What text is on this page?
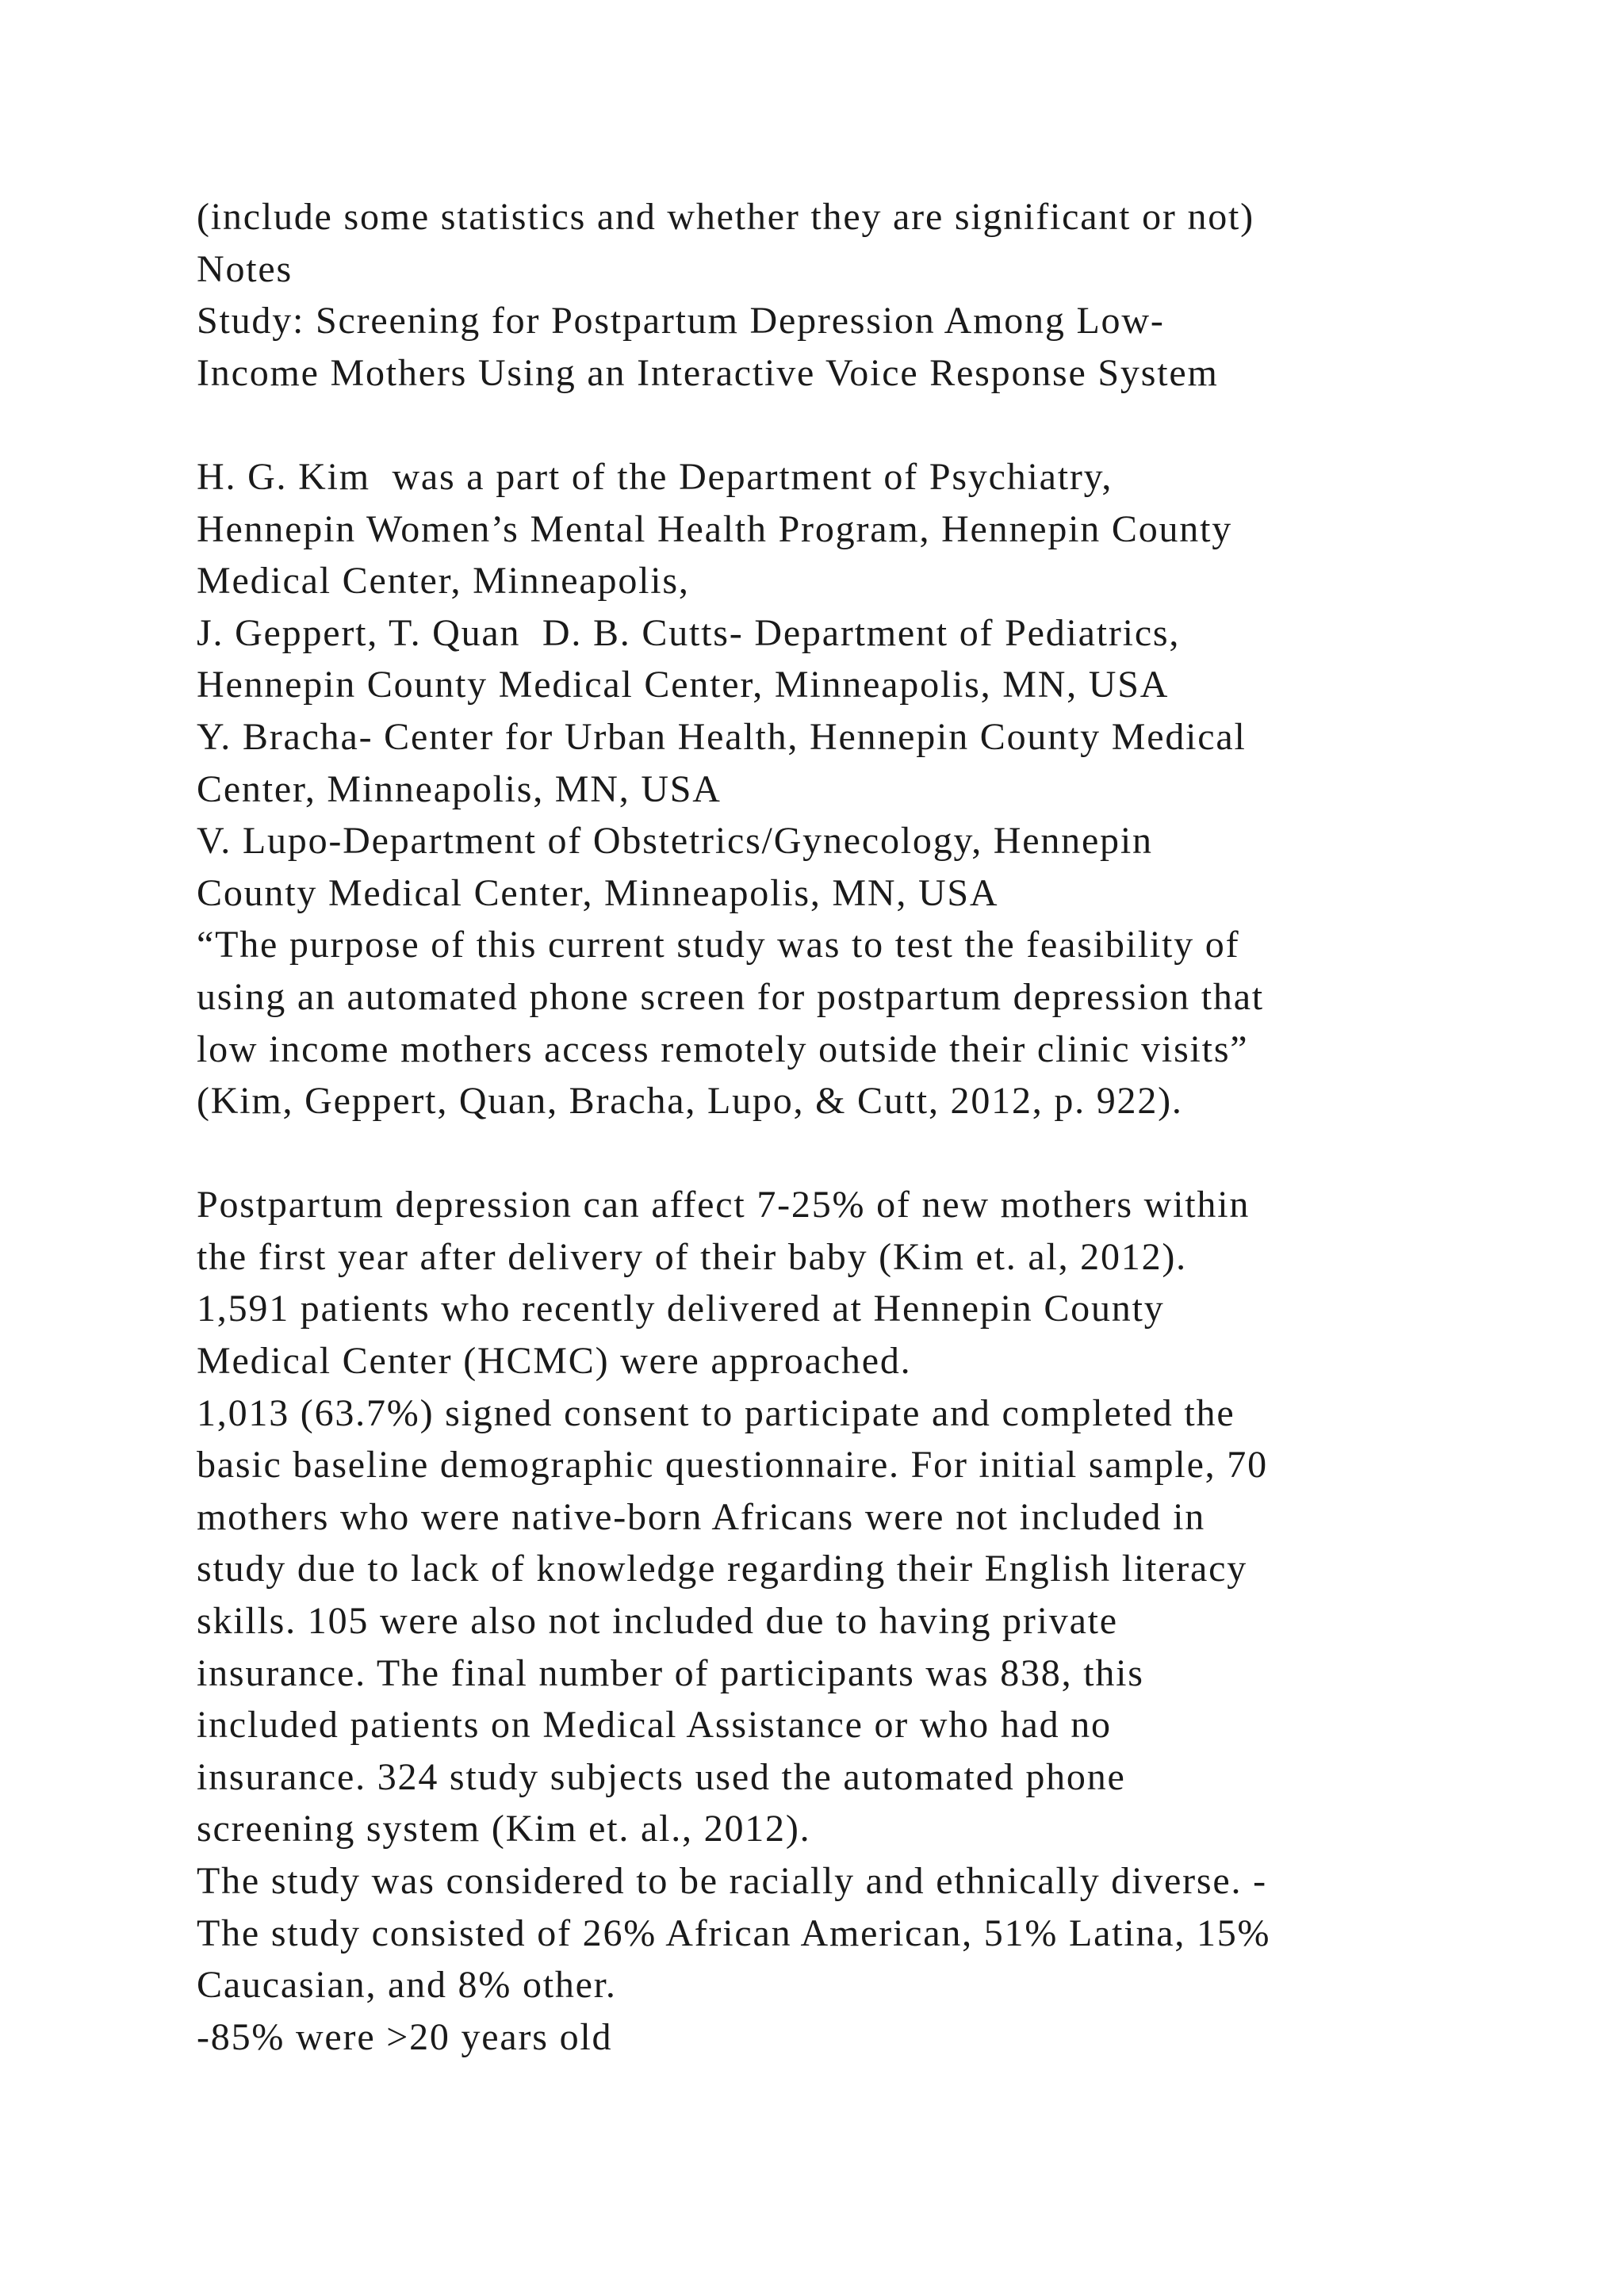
(include some statistics and whether they are significant or not)
Notes
Study: Screening for Postpartum Depression Among Low-
Income Mothers Using an Interactive Voice Response System
H. G. Kim  was a part of the Department of Psychiatry,
Hennepin Women’s Mental Health Program, Hennepin County
Medical Center, Minneapolis,
J. Geppert, T. Quan  D. B. Cutts- Department of Pediatrics,
Hennepin County Medical Center, Minneapolis, MN, USA
Y. Bracha- Center for Urban Health, Hennepin County Medical
Center, Minneapolis, MN, USA
V. Lupo-Department of Obstetrics/Gynecology, Hennepin
County Medical Center, Minneapolis, MN, USA
“The purpose of this current study was to test the feasibility of
using an automated phone screen for postpartum depression that
low income mothers access remotely outside their clinic visits”
(Kim, Geppert, Quan, Bracha, Lupo, & Cutt, 2012, p. 922).
Postpartum depression can affect 7-25% of new mothers within
the first year after delivery of their baby (Kim et. al, 2012).
1,591 patients who recently delivered at Hennepin County
Medical Center (HCMC) were approached.
1,013 (63.7%) signed consent to participate and completed the
basic baseline demographic questionnaire. For initial sample, 70
mothers who were native-born Africans were not included in
study due to lack of knowledge regarding their English literacy
skills. 105 were also not included due to having private
insurance. The final number of participants was 838, this
included patients on Medical Assistance or who had no
insurance. 324 study subjects used the automated phone
screening system (Kim et. al., 2012).
The study was considered to be racially and ethnically diverse. -
The study consisted of 26% African American, 51% Latina, 15%
Caucasian, and 8% other.
-85% were >20 years old
